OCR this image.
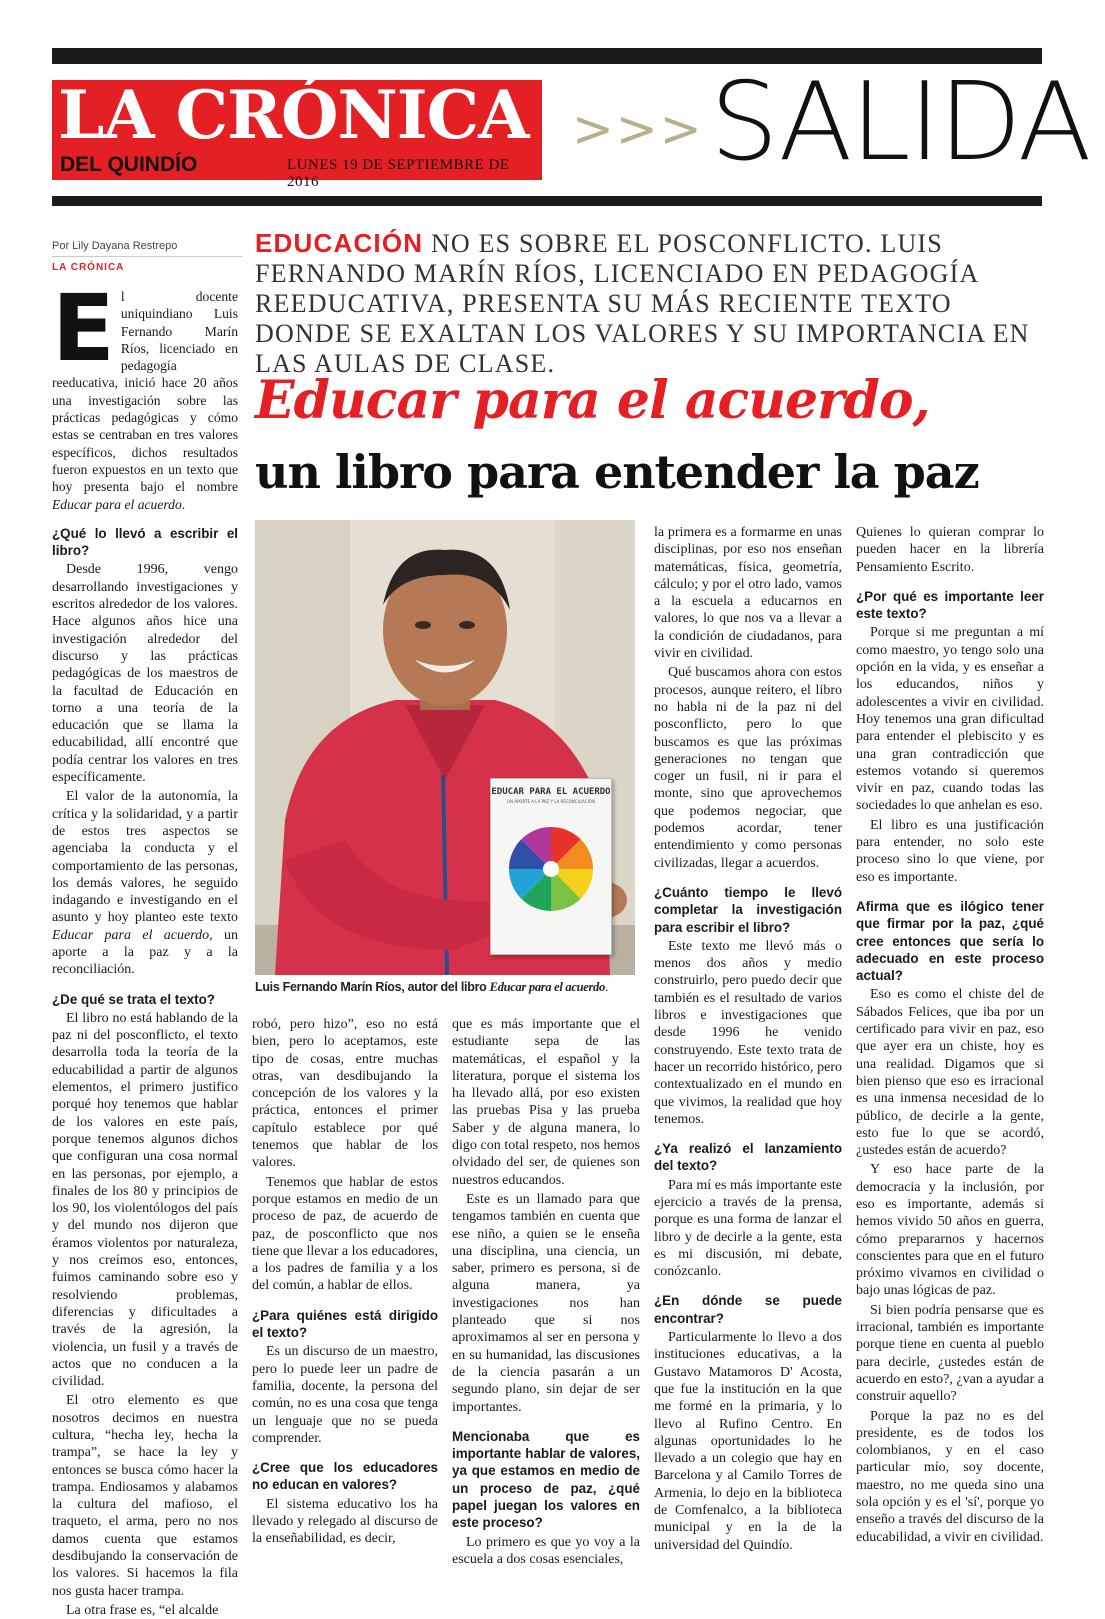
LA CRÓNICA
DEL QUINDÍO	LUNES 19 DE SEPTIEMBRE DE 2016
>>> SALIDA
Por Lily Dayana Restrepo
LA CRÓNICA
EDUCACIÓN NO ES SOBRE EL POSCONFLICTO. LUIS FERNANDO MARÍN RÍOS, LICENCIADO EN PEDAGOGÍA REEDUCATIVA, PRESENTA SU MÁS RECIENTE TEXTO DONDE SE EXALTAN LOS VALORES Y SU IMPORTANCIA EN LAS AULAS DE CLASE.
Educar para el acuerdo,
un libro para entender la paz
EDUCAR PARA EL ACUERDO
UN APORTE A LA PAZ Y LA RECONCILIACIÓN
Luis Fernando Marín Ríos, autor del libro Educar para el acuerdo.

El docente uniquindiano Luis Fernando Marín Ríos, licenciado en pedagogía reeducativa, inició hace 20 años una investigación sobre las prácticas pedagógicas y cómo estas se centraban en tres valores específicos, dichos resultados fueron expuestos en un texto que hoy presenta bajo el nombre Educar para el acuerdo.

¿Qué lo llevó a escribir el libro?

Desde 1996, vengo desarrollando investigaciones y escritos alrededor de los valores. Hace algunos años hice una investigación alrededor del discurso y las prácticas pedagógicas de los maestros de la facultad de Educación en torno a una teoría de la educación que se llama la educabilidad, allí encontré que podía centrar los valores en tres específicamente.

El valor de la autonomía, la crítica y la solidaridad, y a partir de estos tres aspectos se agenciaba la conducta y el comportamiento de las personas, los demás valores, he seguido indagando e investigando en el asunto y hoy planteo este texto Educar para el acuerdo, un aporte a la paz y a la reconciliación.

¿De qué se trata el texto?

El libro no está hablando de la paz ni del posconflicto, el texto desarrolla toda la teoría de la educabilidad a partir de algunos elementos, el primero justifico porqué hoy tenemos que hablar de los valores en este país, porque tenemos algunos dichos que configuran una cosa normal en las personas, por ejemplo, a finales de los 80 y principios de los 90, los violentólogos del país y del mundo nos dijeron que éramos violentos por naturaleza, y nos creímos eso, entonces, fuimos caminando sobre eso y resolviendo problemas, diferencias y dificultades a través de la agresión, la violencia, un fusil y a través de actos que no conducen a la civilidad.

El otro elemento es que nosotros decimos en nuestra cultura, “hecha ley, hecha la trampa”, se hace la ley y entonces se busca cómo hacer la trampa. Endiosamos y alabamos la cultura del mafioso, el traqueto, el arma, pero no nos damos cuenta que estamos desdibujando la conservación de los valores. Si hacemos la fila nos gusta hacer trampa.

La otra frase es, “el alcalde

robó, pero hizo”, eso no está bien, pero lo aceptamos, este tipo de cosas, entre muchas otras, van desdibujando la concepción de los valores y la práctica, entonces el primer capítulo establece por qué tenemos que hablar de los valores.

Tenemos que hablar de estos porque estamos en medio de un proceso de paz, de acuerdo de paz, de posconflicto que nos tiene que llevar a los educadores, a los padres de familia y a los del común, a hablar de ellos.

¿Para quiénes está dirigido el texto?

Es un discurso de un maestro, pero lo puede leer un padre de familia, docente, la persona del común, no es una cosa que tenga un lenguaje que no se pueda comprender.

¿Cree que los educadores no educan en valores?

El sistema educativo los ha llevado y relegado al discurso de la enseñabilidad, es decir,

que es más importante que el estudiante sepa de las matemáticas, el español y la literatura, porque el sistema los ha llevado allá, por eso existen las pruebas Pisa y las prueba Saber y de alguna manera, lo digo con total respeto, nos hemos olvidado del ser, de quienes son nuestros educandos.

Este es un llamado para que tengamos también en cuenta que ese niño, a quien se le enseña una disciplina, una ciencia, un saber, primero es persona, si de alguna manera, ya investigaciones nos han planteado que si nos aproximamos al ser en persona y en su humanidad, las discusiones de la ciencia pasarán a un segundo plano, sin dejar de ser importantes.

Mencionaba que es importante hablar de valores, ya que estamos en medio de un proceso de paz, ¿qué papel juegan los valores en este proceso?

Lo primero es que yo voy a la escuela a dos cosas esenciales,

la primera es a formarme en unas disciplinas, por eso nos enseñan matemáticas, física, geometría, cálculo; y por el otro lado, vamos a la escuela a educarnos en valores, lo que nos va a llevar a la condición de ciudadanos, para vivir en civilidad.

Qué buscamos ahora con estos procesos, aunque reitero, el libro no habla ni de la paz ni del posconflicto, pero lo que buscamos es que las próximas generaciones no tengan que coger un fusil, ni ir para el monte, sino que aprovechemos que podemos negociar, que podemos acordar, tener entendimiento y como personas civilizadas, llegar a acuerdos.

¿Cuánto tiempo le llevó completar la investigación para escribir el libro?

Este texto me llevó más o menos dos años y medio construirlo, pero puedo decir que también es el resultado de varios libros e investigaciones que desde 1996 he venido construyendo. Este texto trata de hacer un recorrido histórico, pero contextualizado en el mundo en que vivimos, la realidad que hoy tenemos.

¿Ya realizó el lanzamiento del texto?

Para mí es más importante este ejercicio a través de la prensa, porque es una forma de lanzar el libro y de decirle a la gente, esta es mi discusión, mi debate, conózcanlo.

¿En dónde se puede encontrar?

Particularmente lo llevo a dos instituciones educativas, a la Gustavo Matamoros D' Acosta, que fue la institución en la que me formé en la primaria, y lo llevo al Rufino Centro. En algunas oportunidades lo he llevado a un colegio que hay en Barcelona y al Camilo Torres de Armenia, lo dejo en la biblioteca de Comfenalco, a la biblioteca municipal y en la de la universidad del Quindío.

Quienes lo quieran comprar lo pueden hacer en la librería Pensamiento Escrito.

¿Por qué es importante leer este texto?

Porque si me preguntan a mí como maestro, yo tengo solo una opción en la vida, y es enseñar a los educandos, niños y adolescentes a vivir en civilidad. Hoy tenemos una gran dificultad para entender el plebiscito y es una gran contradicción que estemos votando si queremos vivir en paz, cuando todas las sociedades lo que anhelan es eso.

El libro es una justificación para entender, no solo este proceso sino lo que viene, por eso es importante.

Afirma que es ilógico tener que firmar por la paz, ¿qué cree entonces que sería lo adecuado en este proceso actual?

Eso es como el chiste del de Sábados Felices, que iba por un certificado para vivir en paz, eso que ayer era un chiste, hoy es una realidad. Digamos que si bien pienso que eso es irracional es una inmensa necesidad de lo público, de decirle a la gente, esto fue lo que se acordó, ¿ustedes están de acuerdo?

Y eso hace parte de la democracia y la inclusión, por eso es importante, además si hemos vivido 50 años en guerra, cómo prepararnos y hacernos conscientes para que en el futuro próximo vivamos en civilidad o bajo unas lógicas de paz.

Si bien podría pensarse que es irracional, también es importante porque tiene en cuenta al pueblo para decirle, ¿ustedes están de acuerdo en esto?, ¿van a ayudar a construir aquello?

Porque la paz no es del presidente, es de todos los colombianos, y en el caso particular mío, soy docente, maestro, no me queda sino una sola opción y es el 'sí', porque yo enseño a través del discurso de la educabilidad, a vivir en civilidad.
